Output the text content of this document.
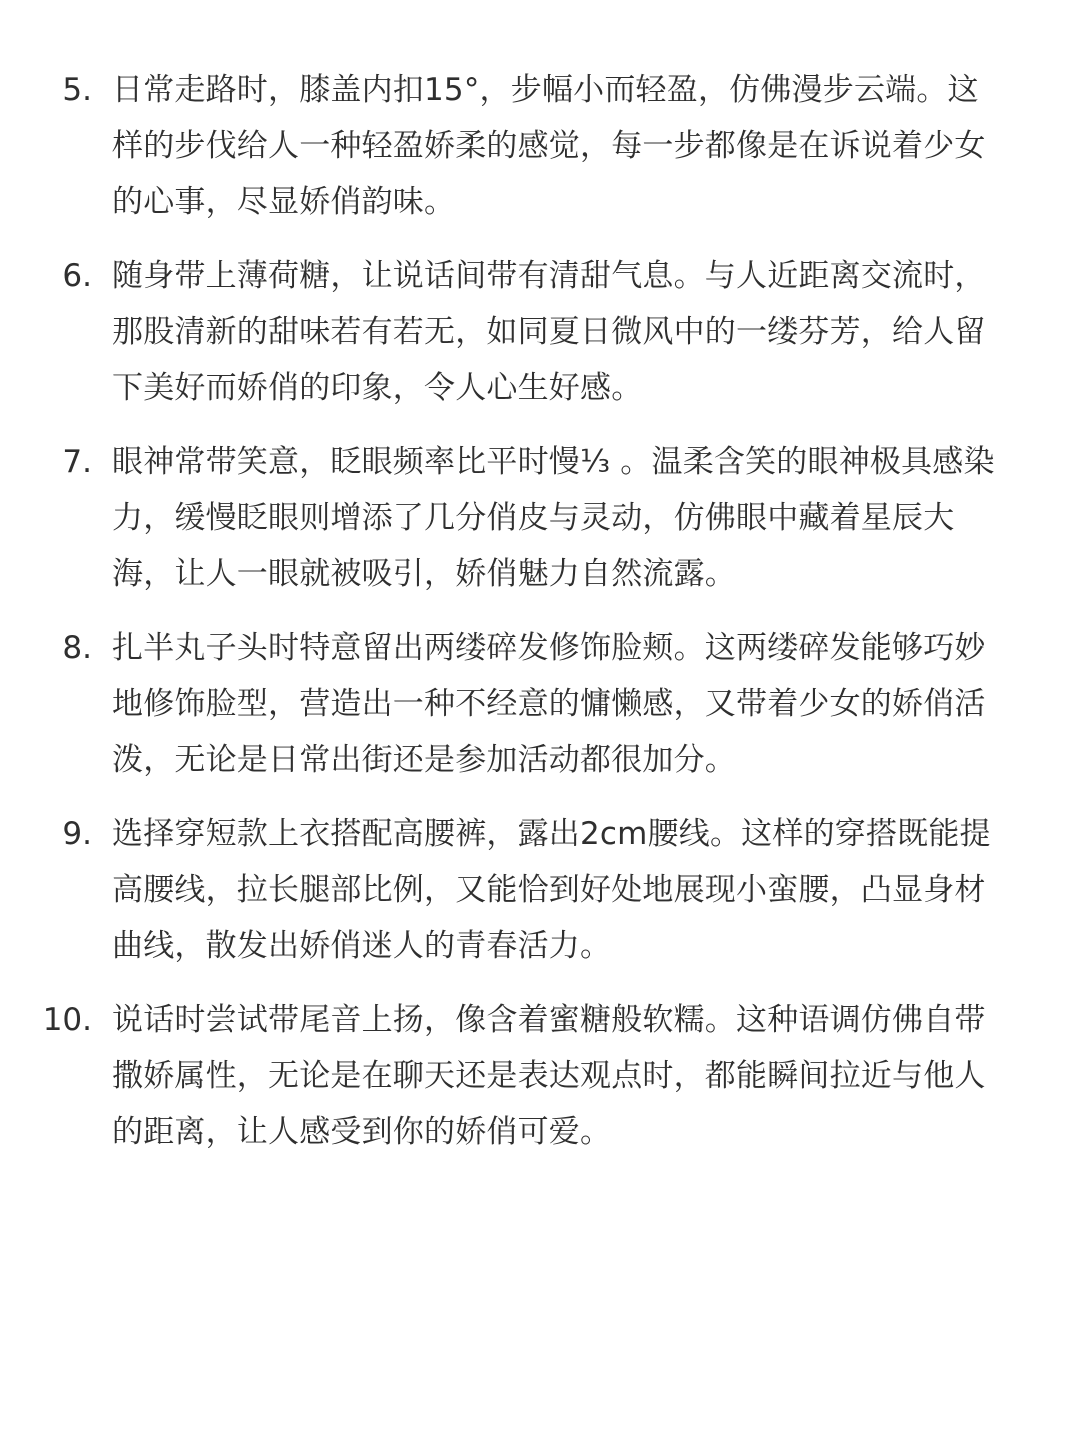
5. 日常走路时，膝盖内扣15°，步幅小而轻盈，仿佛漫步云端。这
样的步伐给人一种轻盈娇柔的感觉，每一步都像是在诉说着少女
的心事，尽显娇俏韵味。
6. 随身带上薄荷糖，让说话间带有清甜气息。与人近距离交流时，
那股清新的甜味若有若无，如同夏日微风中的一缕芬芳，给人留
下美好而娇俏的印象，令人心生好感。
7. 眼神常带笑意，眨眼频率比平时慢⅓ 。温柔含笑的眼神极具感染
力，缓慢眨眼则增添了几分俏皮与灵动，仿佛眼中藏着星辰大
海，让人一眼就被吸引，娇俏魅力自然流露。
8. 扎半丸子头时特意留出两缕碎发修饰脸颊。这两缕碎发能够巧妙
地修饰脸型，营造出一种不经意的慵懒感，又带着少女的娇俏活
泼，无论是日常出街还是参加活动都很加分。
9. 选择穿短款上衣搭配高腰裤，露出2cm腰线。这样的穿搭既能提
高腰线，拉长腿部比例，又能恰到好处地展现小蛮腰，凸显身材
曲线，散发出娇俏迷人的青春活力。
10. 说话时尝试带尾音上扬，像含着蜜糖般软糯。这种语调仿佛自带
撒娇属性，无论是在聊天还是表达观点时，都能瞬间拉近与他人
的距离，让人感受到你的娇俏可爱。
